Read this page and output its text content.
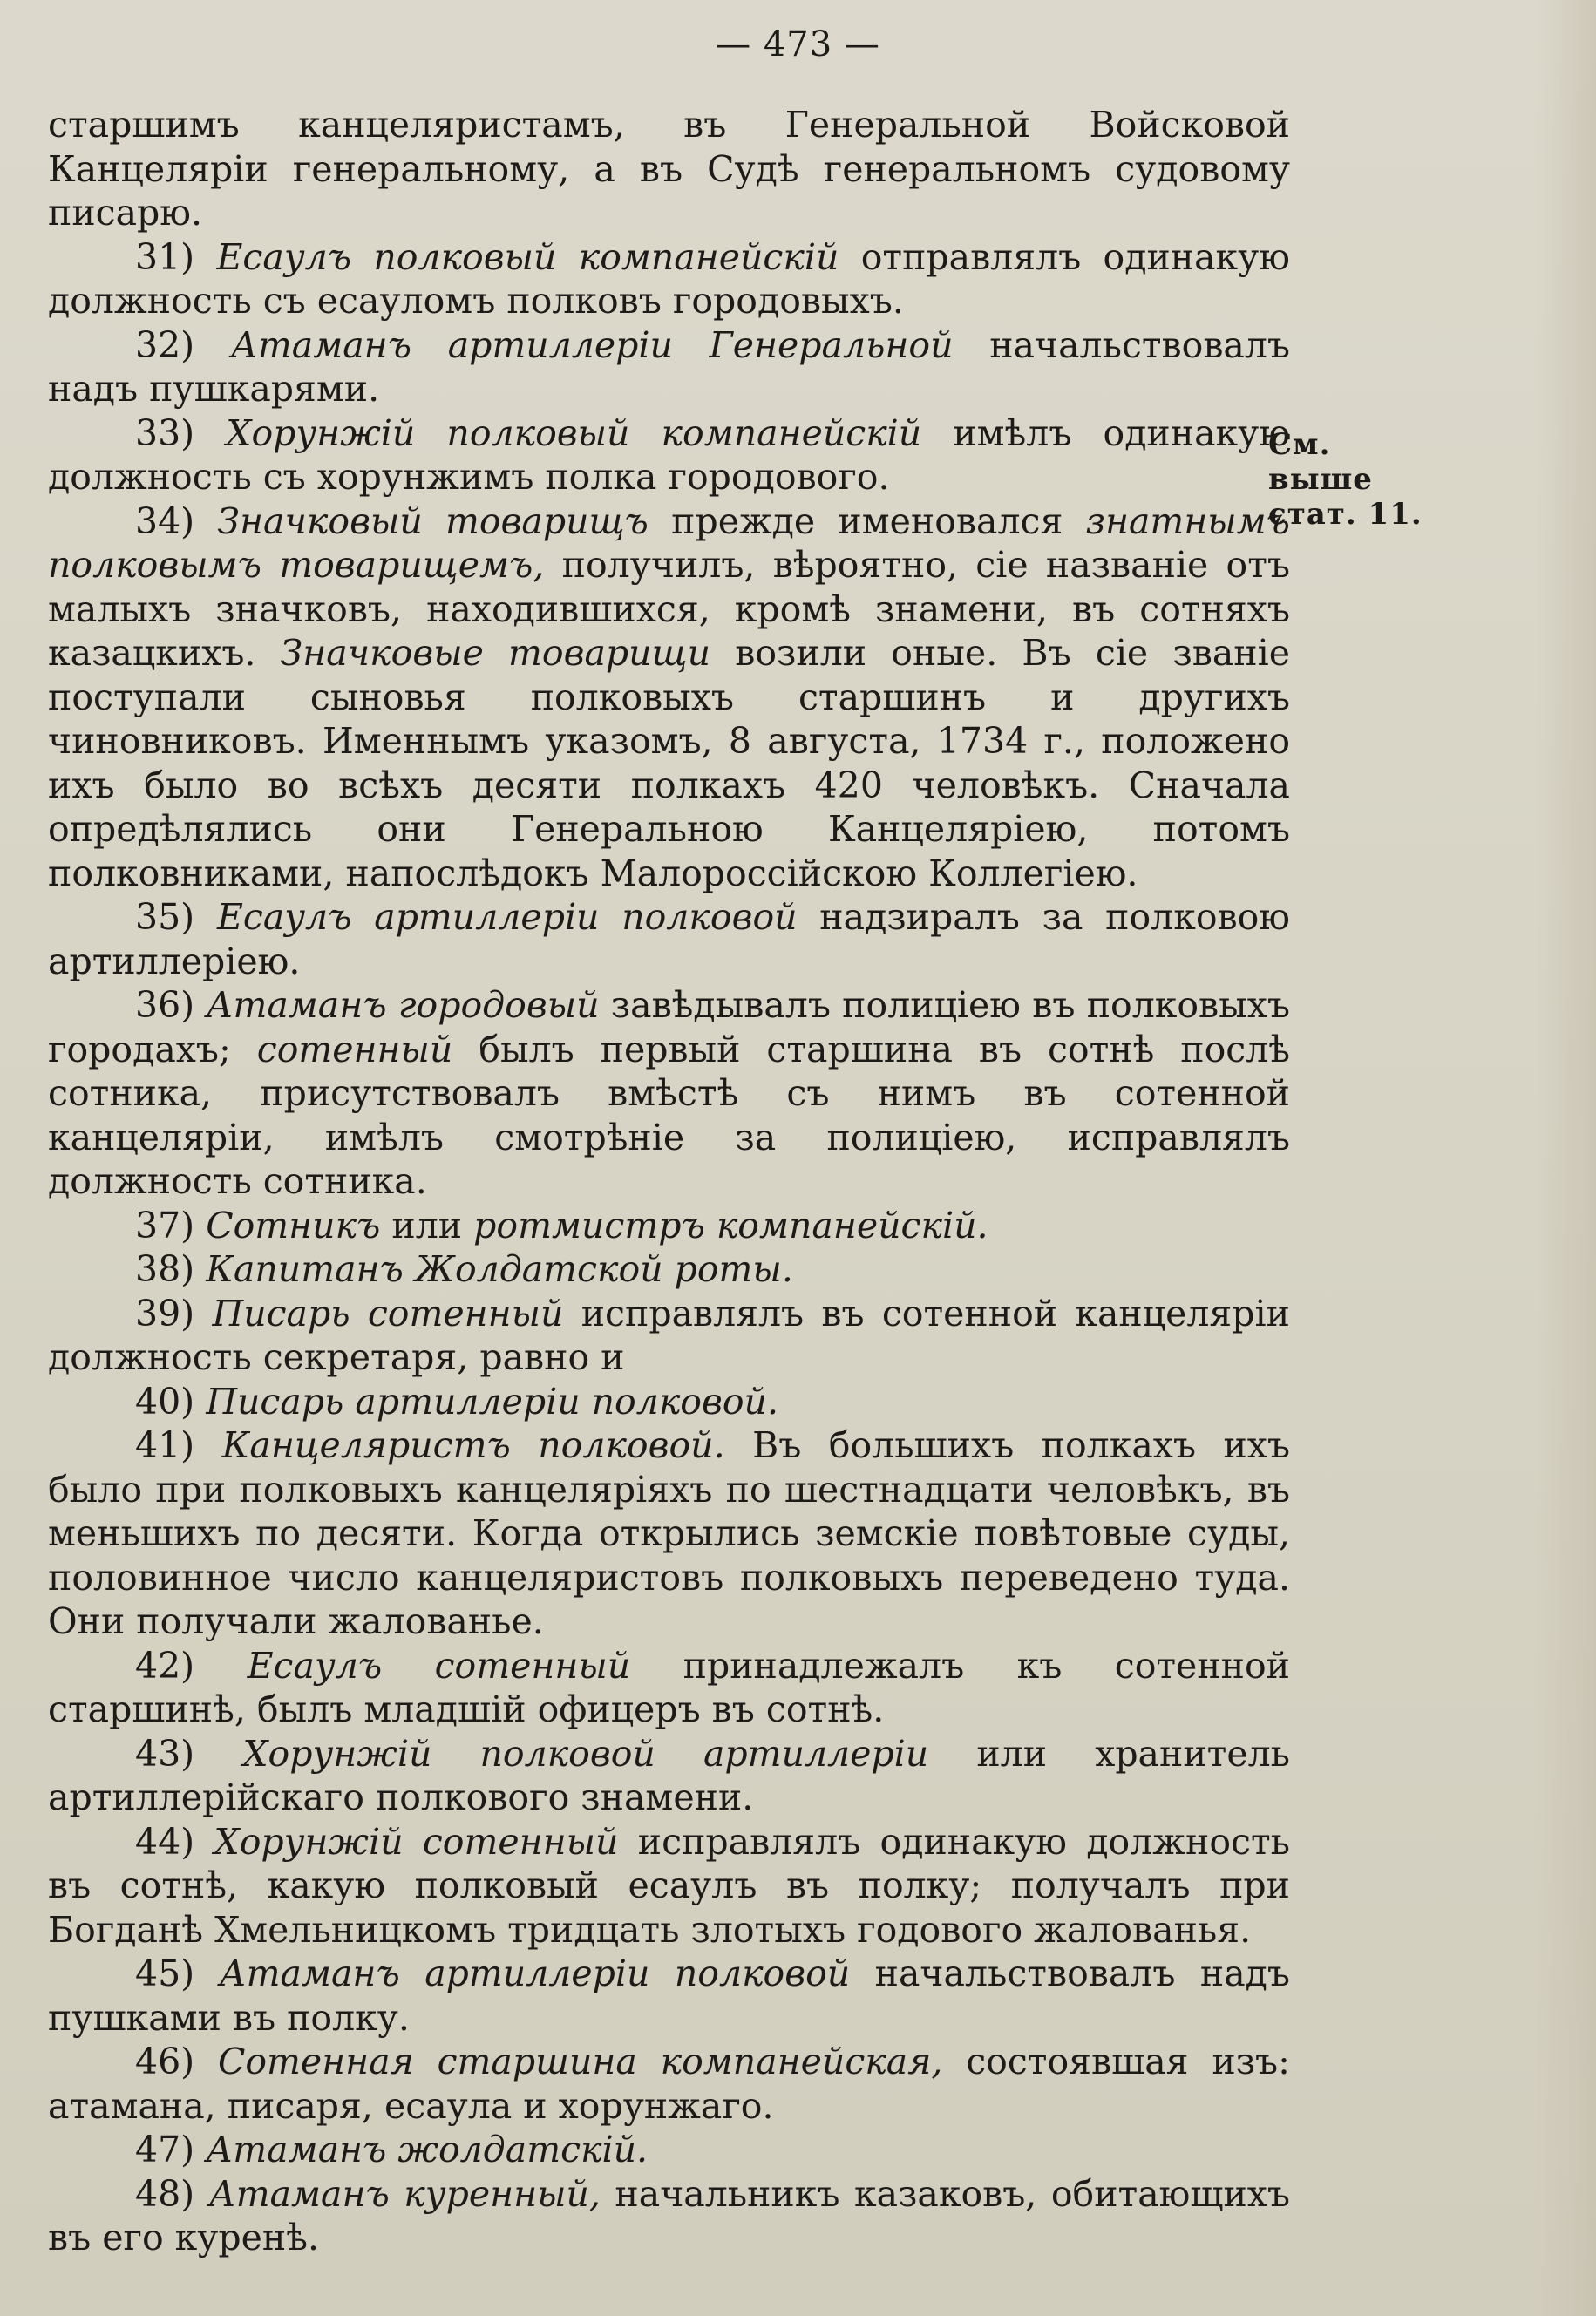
— 473 —
См. выше
стат. 11.

старшимъ канцеляристамъ, въ Генеральной Войсковой Канцеляріи генеральному, а въ Судѣ генеральномъ судовому писарю.

31) Есаулъ полковый компанейскій отправлялъ одинакую должность съ есауломъ полковъ городовыхъ.

32) Атаманъ артиллеріи Генеральной начальствовалъ надъ пушкарями.

33) Хорунжій полковый компанейскій имѣлъ одинакую должность съ хорунжимъ полка городового.

34) Значковый товарищъ прежде именовался знатнымъ полковымъ товарищемъ, получилъ, вѣроятно, сіе названіе отъ малыхъ значковъ, находившихся, кромѣ знамени, въ сотняхъ казацкихъ. Значковые товарищи возили оные. Въ сіе званіе поступали сыновья полковыхъ старшинъ и другихъ чиновниковъ. Именнымъ указомъ, 8 августа, 1734 г., положено ихъ было во всѣхъ десяти полкахъ 420 человѣкъ. Сначала опредѣлялись они Генеральною Канцеляріею, потомъ полковниками, напослѣдокъ Малороссійскою Коллегіею.

35) Есаулъ артиллеріи полковой надзиралъ за полковою артиллеріею.

36) Атаманъ городовый завѣдывалъ полиціею въ полковыхъ городахъ; сотенный былъ первый старшина въ сотнѣ послѣ сотника, присутствовалъ вмѣстѣ съ нимъ въ сотенной канцеляріи, имѣлъ смотрѣніе за полиціею, исправлялъ должность сотника.

37) Сотникъ или ротмистръ компанейскій.

38) Капитанъ Жолдатской роты.

39) Писарь сотенный исправлялъ въ сотенной канцеляріи должность секретаря, равно и

40) Писарь артиллеріи полковой.

41) Канцеляристъ полковой. Въ большихъ полкахъ ихъ было при полковыхъ канцеляріяхъ по шестнадцати человѣкъ, въ меньшихъ по десяти. Когда открылись земскіе повѣтовые суды, половинное число канцеляристовъ полковыхъ переведено туда. Они получали жалованье.

42) Есаулъ сотенный принадлежалъ къ сотенной старшинѣ, былъ младшій офицеръ въ сотнѣ.

43) Хорунжій полковой артиллеріи или хранитель артиллерійскаго полкового знамени.

44) Хорунжій сотенный исправлялъ одинакую должность въ сотнѣ, какую полковый есаулъ въ полку; получалъ при Богданѣ Хмельницкомъ тридцать злотыхъ годового жалованья.

45) Атаманъ артиллеріи полковой начальствовалъ надъ пушками въ полку.

46) Сотенная старшина компанейская, состоявшая изъ: атамана, писаря, есаула и хорунжаго.

47) Атаманъ жолдатскій.

48) Атаманъ куренный, начальникъ казаковъ, обитающихъ въ его куренѣ.
